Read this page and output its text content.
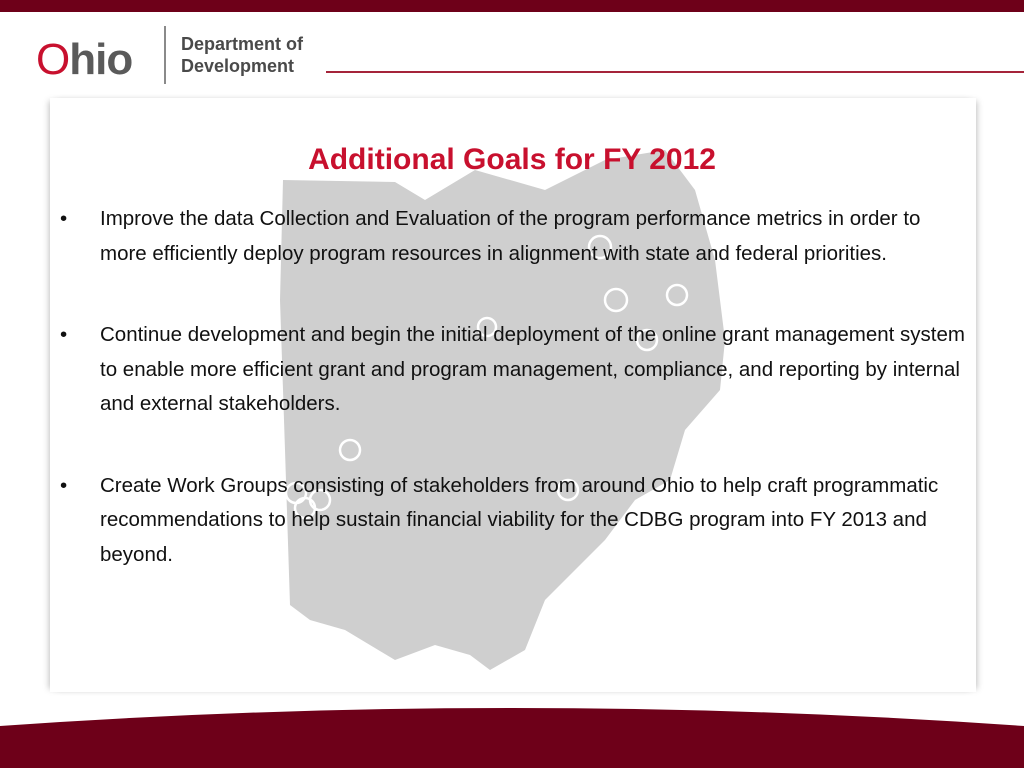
Ohio	Department of
Development
Additional Goals for FY 2012
• Improve the data Collection and Evaluation of the program performance metrics in order to more efficiently deploy program resources in alignment with state and federal priorities.
• Continue development and begin the initial deployment of the online grant management system to enable more efficient grant and program management, compliance, and reporting by internal and external stakeholders.
• Create Work Groups consisting of stakeholders from around Ohio to help craft programmatic recommendations to help sustain financial viability for the CDBG program into FY 2013 and beyond.
